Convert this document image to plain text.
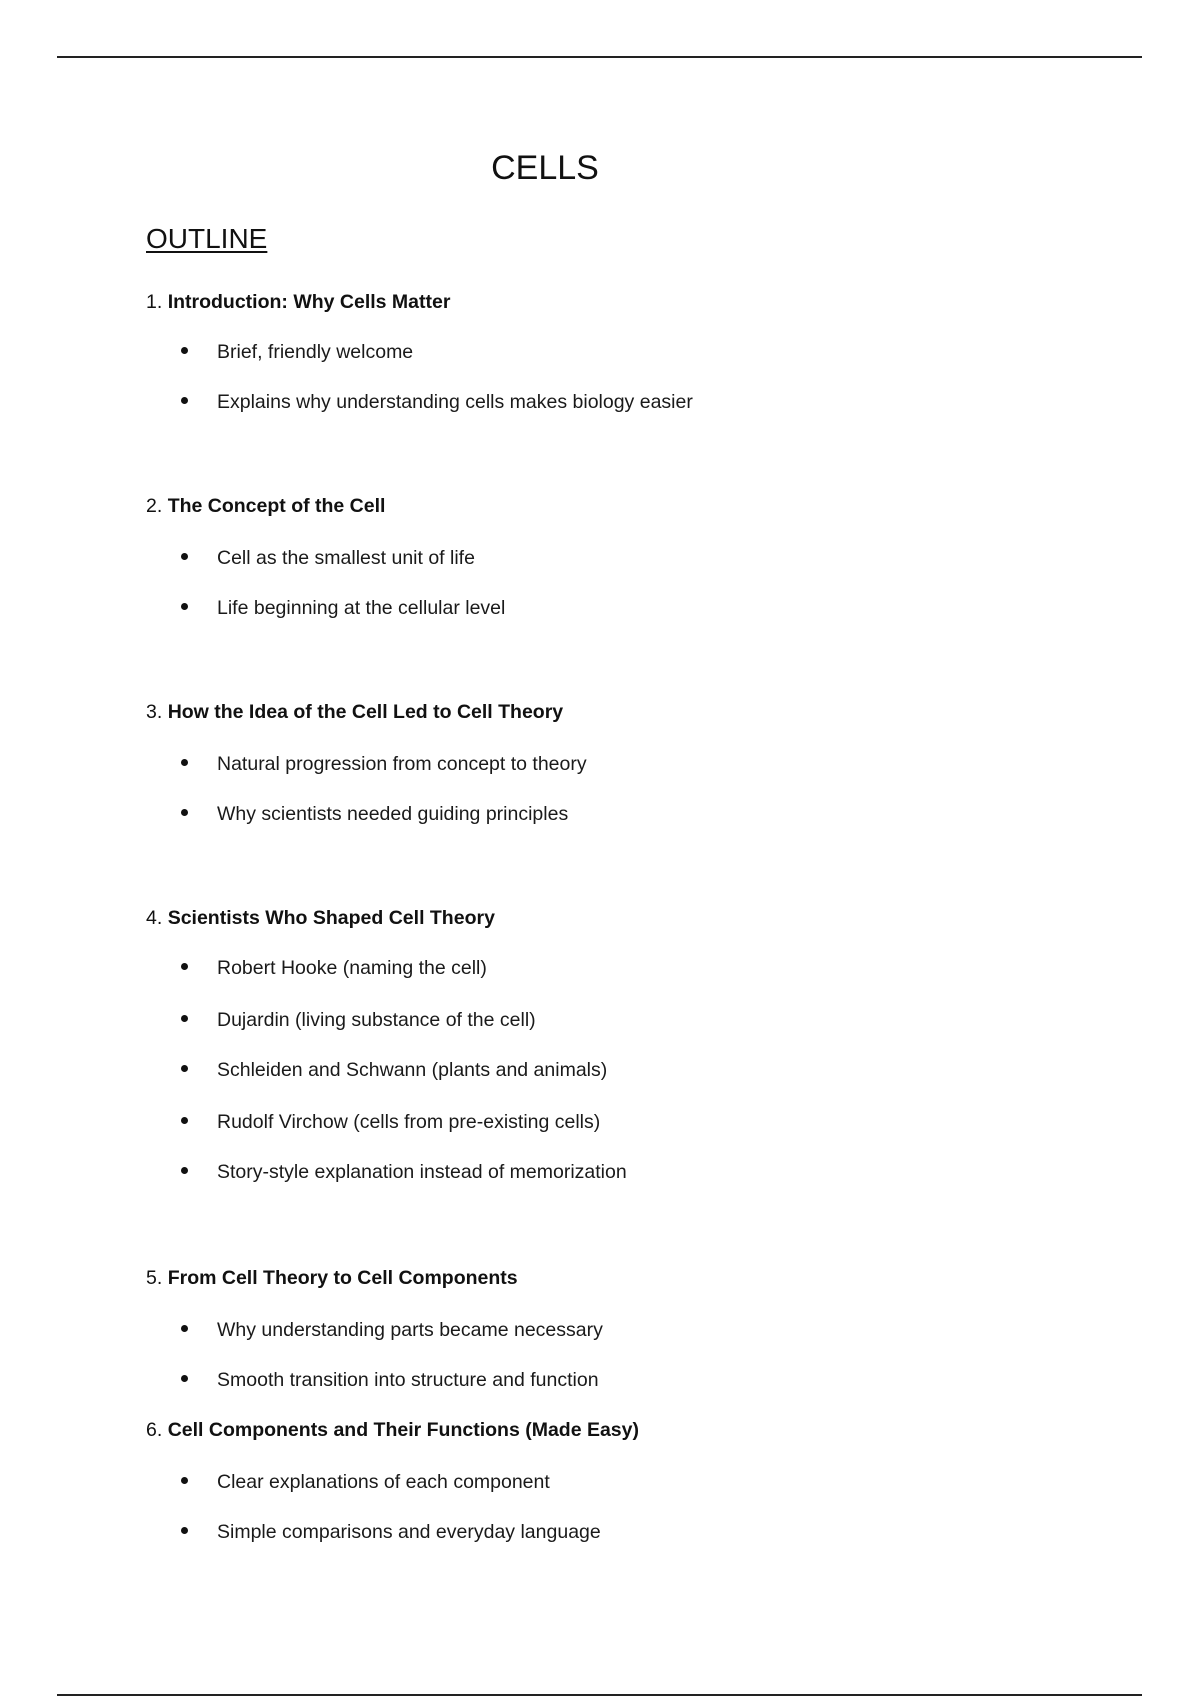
CELLS
OUTLINE
1. Introduction: Why Cells Matter
Brief, friendly welcome
Explains why understanding cells makes biology easier
2. The Concept of the Cell
Cell as the smallest unit of life
Life beginning at the cellular level
3. How the Idea of the Cell Led to Cell Theory
Natural progression from concept to theory
Why scientists needed guiding principles
4. Scientists Who Shaped Cell Theory
Robert Hooke (naming the cell)
Dujardin (living substance of the cell)
Schleiden and Schwann (plants and animals)
Rudolf Virchow (cells from pre-existing cells)
Story-style explanation instead of memorization
5. From Cell Theory to Cell Components
Why understanding parts became necessary
Smooth transition into structure and function
6. Cell Components and Their Functions (Made Easy)
Clear explanations of each component
Simple comparisons and everyday language
